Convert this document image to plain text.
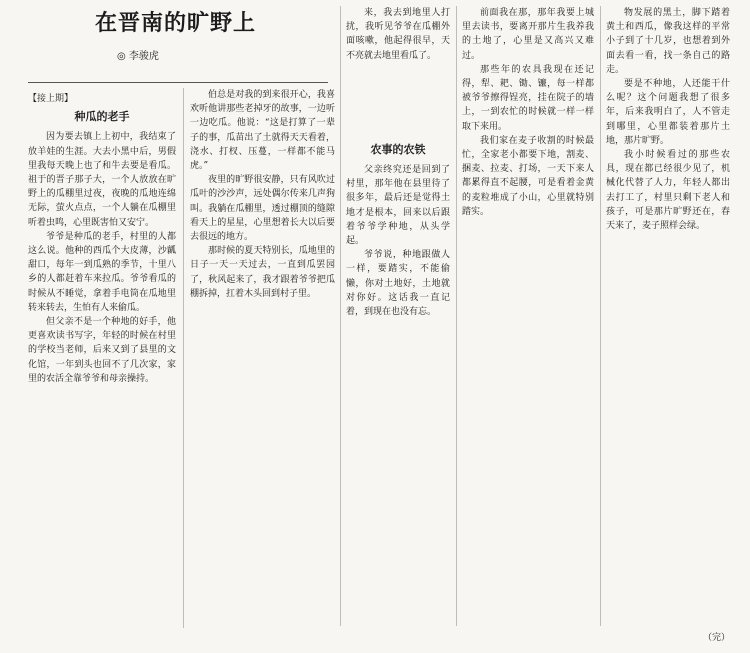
在晋南的旷野上
◎ 李骏虎
【接上期】
种瓜的老手

因为要去镇上上初中，我结束了放羊娃的生涯。大去小黑中后，男假里我每天晚上也了和牛去要是看瓜。祖于的晋子那子大，一个人放放在旷野上的瓜棚里过夜，夜晚的瓜地连绵无际，萤火点点，一个人躺在瓜棚里听着虫鸣，心里既害怕又安宁。

爷爷是种瓜的老手，村里的人都这么说。他种的西瓜个大皮薄，沙瓤甜口，每年一到瓜熟的季节，十里八乡的人都赶着车来拉瓜。爷爷看瓜的时候从不睡觉，拿着手电筒在瓜地里转来转去，生怕有人来偷瓜。

但父亲不是一个种地的好手，他更喜欢读书写字，年轻的时候在村里的学校当老师，后来又到了县里的文化馆，一年到头也回不了几次家，家里的农活全靠爷爷和母亲操持。

伯总是对我的到来很开心，我喜欢听他讲那些老掉牙的故事，一边听一边吃瓜。他说：“这是打算了一辈子的事，瓜苗出了土就得天天看着，浇水、打杈、压蔓，一样都不能马虎。”

夜里的旷野很安静，只有风吹过瓜叶的沙沙声，远处偶尔传来几声狗叫。我躺在瓜棚里，透过棚顶的缝隙看天上的星星，心里想着长大以后要去很远的地方。

那时候的夏天特别长，瓜地里的日子一天一天过去，一直到瓜罢园了，秋风起来了，我才跟着爷爷把瓜棚拆掉，扛着木头回到村子里。

来，我去到地里人打扰，我听见爷爷在瓜棚外面咳嗽，他起得很早，天不亮就去地里看瓜了。

农事的农铁

父亲终究还是回到了村里，那年他在县里待了很多年，最后还是觉得土地才是根本，回来以后跟着爷爷学种地，从头学起。

爷爷说，种地跟做人一样，要踏实，不能偷懒，你对土地好，土地就对你好。这话我一直记着，到现在也没有忘。

前面我在那，那年我要上城里去读书，要离开那片生我养我的土地了，心里是又高兴又难过。

那些年的农具我现在还记得，犁、耙、锄、镰，每一样都被爷爷擦得锃亮，挂在院子的墙上，一到农忙的时候就一样一样取下来用。

我们家在麦子收割的时候最忙，全家老小都要下地，割麦、捆麦、拉麦、打场，一天下来人都累得直不起腰，可是看着金黄的麦粒堆成了小山，心里就特别踏实。

物发展的黑土，脚下踏着黄土和西瓜，像我这样的平常小子到了十几岁，也想着到外面去看一看，找一条自己的路走。

要是不种地，人还能干什么呢？这个问题我想了很多年，后来我明白了，人不管走到哪里，心里都装着那片土地，那片旷野。

我小时候看过的那些农具，现在都已经很少见了，机械化代替了人力，年轻人都出去打工了，村里只剩下老人和孩子，可是那片旷野还在，春天来了，麦子照样会绿。

（完）
